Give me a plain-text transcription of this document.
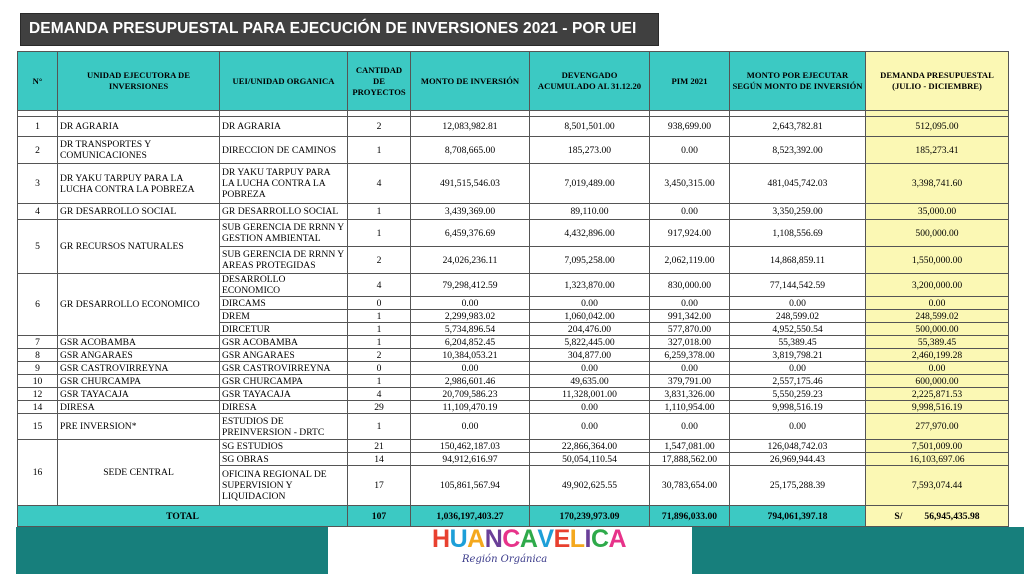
DEMANDA PRESUPUESTAL PARA EJECUCIÓN DE INVERSIONES 2021 - POR UEI
N°	UNIDAD EJECUTORA DE INVERSIONES	UEI/UNIDAD ORGANICA	CANTIDAD DE PROYECTOS	MONTO DE INVERSIÓN	DEVENGADO ACUMULADO AL 31.12.20	PIM 2021	MONTO POR EJECUTAR SEGÚN MONTO DE INVERSIÓN	DEMANDA PRESUPUESTAL (JULIO - DICIEMBRE)

1	DR AGRARIA	DR AGRARIA	2	12,083,982.81	8,501,501.00	938,699.00	2,643,782.81	512,095.00
2	DR TRANSPORTES Y COMUNICACIONES	DIRECCION DE CAMINOS	1	8,708,665.00	185,273.00	0.00	8,523,392.00	185,273.41
3	DR YAKU TARPUY PARA LA LUCHA CONTRA LA POBREZA	DR YAKU TARPUY PARA LA LUCHA CONTRA LA POBREZA	4	491,515,546.03	7,019,489.00	3,450,315.00	481,045,742.03	3,398,741.60
4	GR DESARROLLO SOCIAL	GR DESARROLLO SOCIAL	1	3,439,369.00	89,110.00	0.00	3,350,259.00	35,000.00
5	GR RECURSOS NATURALES	SUB GERENCIA DE RRNN Y GESTION AMBIENTAL	1	6,459,376.69	4,432,896.00	917,924.00	1,108,556.69	500,000.00
		SUB GERENCIA DE RRNN Y AREAS PROTEGIDAS	2	24,026,236.11	7,095,258.00	2,062,119.00	14,868,859.11	1,550,000.00
6	GR DESARROLLO ECONOMICO	DESARROLLO ECONOMICO	4	79,298,412.59	1,323,870.00	830,000.00	77,144,542.59	3,200,000.00
		DIRCAMS	0	0.00	0.00	0.00	0.00	0.00
		DREM	1	2,299,983.02	1,060,042.00	991,342.00	248,599.02	248,599.02
		DIRCETUR	1	5,734,896.54	204,476.00	577,870.00	4,952,550.54	500,000.00
7	GSR ACOBAMBA	GSR ACOBAMBA	1	6,204,852.45	5,822,445.00	327,018.00	55,389.45	55,389.45
8	GSR ANGARAES	GSR ANGARAES	2	10,384,053.21	304,877.00	6,259,378.00	3,819,798.21	2,460,199.28
9	GSR CASTROVIRREYNA	GSR CASTROVIRREYNA	0	0.00	0.00	0.00	0.00	0.00
10	GSR CHURCAMPA	GSR CHURCAMPA	1	2,986,601.46	49,635.00	379,791.00	2,557,175.46	600,000.00
12	GSR TAYACAJA	GSR TAYACAJA	4	20,709,586.23	11,328,001.00	3,831,326.00	5,550,259.23	2,225,871.53
14	DIRESA	DIRESA	29	11,109,470.19	0.00	1,110,954.00	9,998,516.19	9,998,516.19
15	PRE INVERSION*	ESTUDIOS DE PREINVERSION - DRTC	1	0.00	0.00	0.00	0.00	277,970.00
16	SEDE CENTRAL	SG ESTUDIOS	21	150,462,187.03	22,866,364.00	1,547,081.00	126,048,742.03	7,501,009.00
		SG OBRAS	14	94,912,616.97	50,054,110.54	17,888,562.00	26,969,944.43	16,103,697.06
		OFICINA REGIONAL DE SUPERVISION Y LIQUIDACION	17	105,861,567.94	49,902,625.55	30,783,654.00	25,175,288.39	7,593,074.44
TOTAL			107	1,036,197,403.27	170,239,973.09	71,896,033.00	794,061,397.18	S/ 56,945,435.98
HUANCAVELICA
Región Orgánica
